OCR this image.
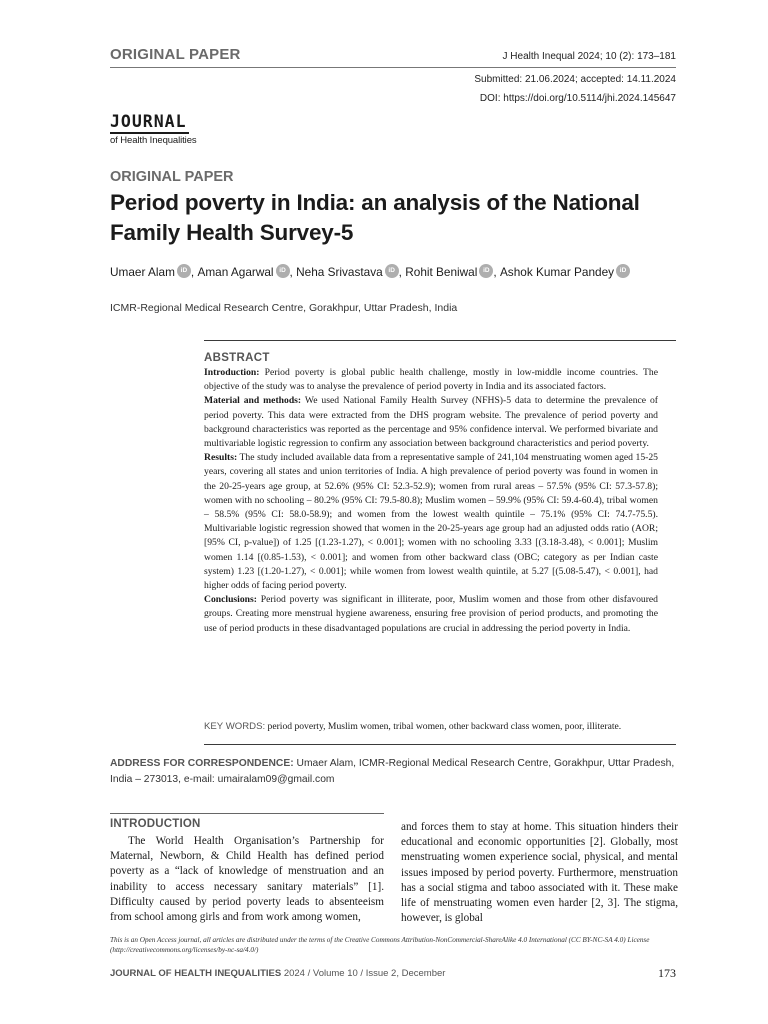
ORIGINAL PAPER	J Health Inequal 2024; 10 (2): 173–181
Submitted: 21.06.2024; accepted: 14.11.2024
DOI: https://doi.org/10.5114/jhi.2024.145647
JOURNAL
of Health Inequalities
ORIGINAL PAPER
Period poverty in India: an analysis of the National Family Health Survey-5
Umaer Alam iD , Aman Agarwal iD , Neha Srivastava iD , Rohit Beniwal iD , Ashok Kumar Pandey iD
ICMR-Regional Medical Research Centre, Gorakhpur, Uttar Pradesh, India
ABSTRACT

Introduction: Period poverty is global public health challenge, mostly in low-middle income countries. The objective of the study was to analyse the prevalence of period poverty in India and its associated factors.

Material and methods: We used National Family Health Survey (NFHS)-5 data to determine the prevalence of period poverty. This data were extracted from the DHS program website. The prevalence of period poverty and background characteristics was reported as the percentage and 95% confidence interval. We performed bivariate and multivariable logistic regression to confirm any association between background characteristics and period poverty.

Results: The study included available data from a representative sample of 241,104 menstruating women aged 15-25 years, covering all states and union territories of India. A high prevalence of period poverty was found in women in the 20-25-years age group, at 52.6% (95% CI: 52.3-52.9); women from rural areas – 57.5% (95% CI: 57.3-57.8); women with no schooling – 80.2% (95% CI: 79.5-80.8); Muslim women – 59.9% (95% CI: 59.4-60.4), tribal women – 58.5% (95% CI: 58.0-58.9); and women from the lowest wealth quintile – 75.1% (95% CI: 74.7-75.5). Multivariable logistic regression showed that women in the 20-25-years age group had an adjusted odds ratio (AOR; [95% CI, p-value]) of 1.25 [(1.23-1.27), < 0.001]; women with no schooling 3.33 [(3.18-3.48), < 0.001]; Muslim women 1.14 [(0.85-1.53), < 0.001]; and women from other backward class (OBC; category as per Indian caste system) 1.23 [(1.20-1.27), < 0.001]; while women from lowest wealth quintile, at 5.27 [(5.08-5.47), < 0.001], had higher odds of facing period poverty.

Conclusions: Period poverty was significant in illiterate, poor, Muslim women and those from other disfavoured groups. Creating more menstrual hygiene awareness, ensuring free provision of period products, and promoting the use of period products in these disadvantaged populations are crucial in addressing the period poverty in India.

KEY WORDS: period poverty, Muslim women, tribal women, other backward class women, poor, illiterate.
ADDRESS FOR CORRESPONDENCE: Umaer Alam, ICMR-Regional Medical Research Centre, Gorakhpur, Uttar Pradesh, India – 273013, e-mail: umairalam09@gmail.com
INTRODUCTION

The World Health Organisation’s Partnership for Maternal, Newborn, & Child Health has defined period poverty as a “lack of knowledge of menstruation and an inability to access necessary sanitary materials” [1]. Difficulty caused by period poverty leads to absenteeism from school among girls and from work among women,

and forces them to stay at home. This situation hinders their educational and economic opportunities [2]. Globally, most menstruating women experience social, physical, and mental issues imposed by period poverty. Furthermore, menstruation has a social stigma and taboo associated with it. These make life of menstruating women even harder [2, 3]. The stigma, however, is global

This is an Open Access journal, all articles are distributed under the terms of the Creative Commons Attribution-NonCommercial-ShareAlike 4.0 International (CC BY-NC-SA 4.0) License (http://creativecommons.org/licenses/by-nc-sa/4.0/)
JOURNAL OF HEALTH INEQUALITIES 2024 / Volume 10 / Issue 2, December	173
